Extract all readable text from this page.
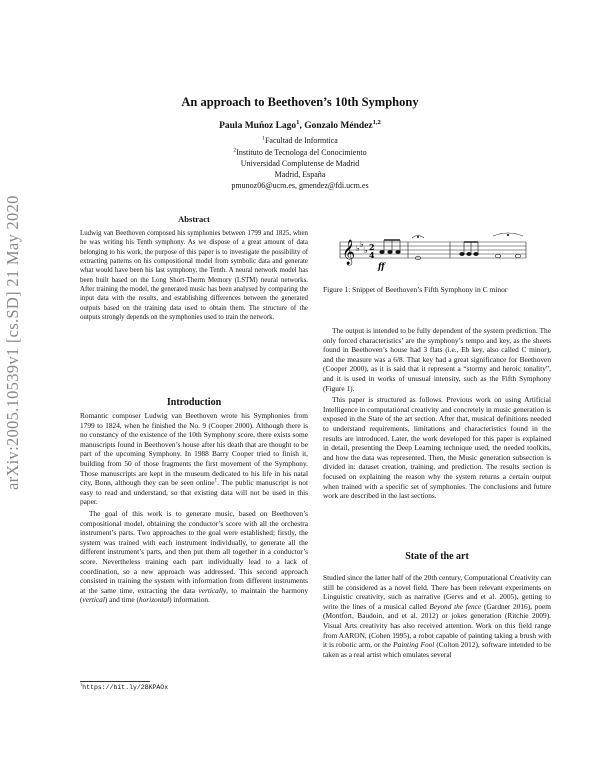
arXiv:2005.10539v1 [cs.SD] 21 May 2020
An approach to Beethoven’s 10th Symphony
Paula Muñoz Lago$^1$, Gonzalo Méndez$^{1,2}$
$^1$Facultad de Informtica
$^2$Instituto de Tecnologa del Conocimiento
Universidad Complutense de Madrid
Madrid, España
pmunoz06@ucm.es, gmendez@fdi.ucm.es
Abstract
Ludwig van Beethoven composed his symphonies between 1799 and 1825, when he was writing his Tenth symphony. As we dispose of a great amount of data belonging to his work, the purpose of this paper is to investigate the possibility of extracting patterns on his compositional model from symbolic data and generate what would have been his last symphony, the Tenth. A neural network model has been built based on the Long Short-Therm Memory (LSTM) neural networks. After training the model, the generated music has been analysed by comparing the input data with the results, and establishing differences between the generated outputs based on the training data used to obtain them. The structure of the outputs strongly depends on the symphonies used to train the network.
Introduction

Romantic composer Ludwig van Beethoven wrote his Symphonies from 1799 to 1824, when he finished the No. 9 (Cooper 2000). Although there is no constancy of the existence of the 10th Symphony score, there exists some manuscripts found in Beethoven’s house after his death that are thought to be part of the upcoming Symphony. In 1988 Barry Cooper tried to finish it, building from 50 of those fragments the first movement of the Symphony. Those manuscripts are kept in the museum dedicated to his life in his natal city, Bonn, although they can be seen online$^1$. The public manuscript is not easy to read and understand, so that existing data will not be used in this paper.

The goal of this work is to generate music, based on Beethoven’s compositional model, obtaining the conductor’s score with all the orchestra instrument’s parts. Two approaches to the goal were established; firstly, the system was trained with each instrument individually, to generate all the different instrument’s parts, and then put them all together in a conductor’s score. Nevertheless training each part individually lead to a lack of coordination, so a new approach was addressed. This second approach consisted in training the system with information from different instruments at the same time, extracting the data vertically, to maintain the harmony (vertical) and time (horizontal) information.

$^1$https://bit.ly/2BKPAOx
𝄞 ♭ ♭
♭ 2
4
ff
Figure 1: Snippet of Beethoven’s Fifth Symphony in C minor

The output is intended to be fully dependent of the system prediction. The only forced characteristics’ are the symphony’s tempo and key, as the sheets found in Beethoven’s house had 3 flats (i.e., Eb key, also called C minor), and the measure was a 6/8. That key had a great significance for Beethoven (Cooper 2000), as it is said that it represent a “stormy and heroic tonality”, and it is used in works of unusual intensity, such as the Fifth Symphony (Figure 1).

This paper is structured as follows. Previous work on using Artificial Intelligence in computational creativity and concretely in music generation is exposed in the State of the art section. After that, musical definitions needed to understand requirements, limitations and characteristics found in the results are introduced. Later, the work developed for this paper is explained in detail, presenting the Deep Learning technique used, the needed toolkits, and how the data was represented. Then, the Music generation subsection is divided in: dataset creation, training, and prediction. The results section is focused on explaining the reason why the system returns a certain output when trained with a specific set of symphonies. The conclusions and future work are described in the last sections.

State of the art

Studied since the latter half of the 20th century, Computational Creativity can still be considered as a novel field. There has been relevant experiments on Linguistic creativity, such as narrative (Gervs and et al. 2005), getting to write the lines of a musical called Beyond the fence (Gardner 2016), poem (Montfort, Baudoin, and et al. 2012) or jokes generation (Ritchie 2009). Visual Arts creativity has also received attention. Work on this field range from AARON, (Cohen 1995), a robot capable of painting taking a brush with it is robotic arm, or the Painting Fool (Colton 2012), software intended to be taken as a real artist which emulates several
